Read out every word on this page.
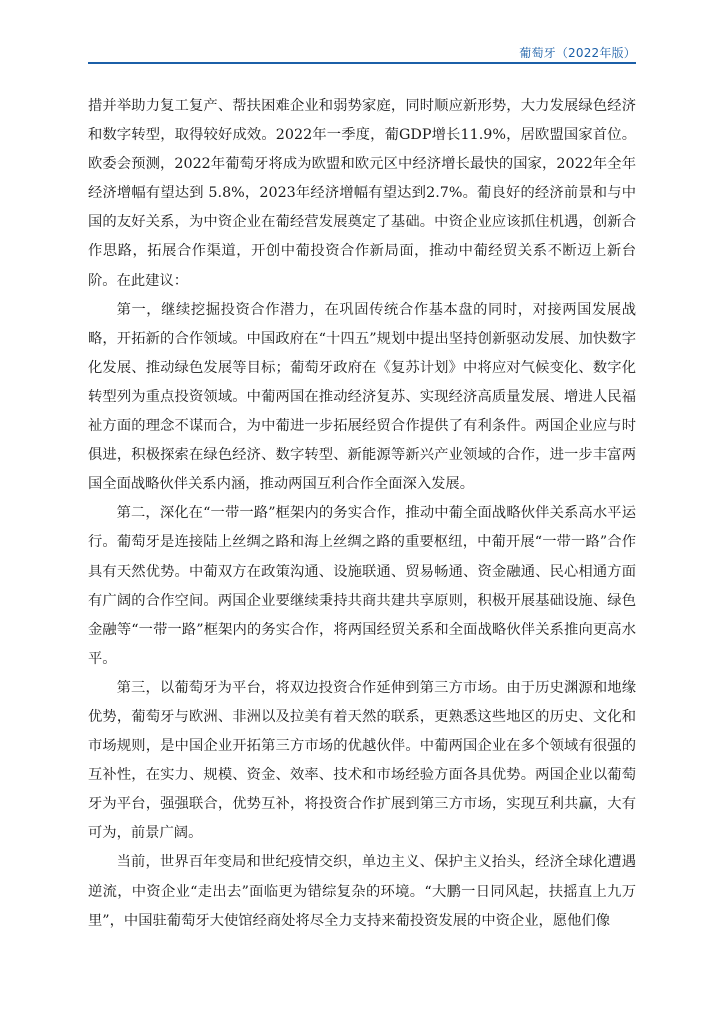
葡萄牙（2022年版）

措并举助力复工复产、帮扶困难企业和弱势家庭，同时顺应新形势，大力发展绿色经济和数字转型，取得较好成效。2022年一季度，葡GDP增长11.9%，居欧盟国家首位。欧委会预测，2022年葡萄牙将成为欧盟和欧元区中经济增长最快的国家，2022年全年经济增幅有望达到 5.8%，2023年经济增幅有望达到2.7%。葡良好的经济前景和与中国的友好关系，为中资企业在葡经营发展奠定了基础。中资企业应该抓住机遇，创新合作思路，拓展合作渠道，开创中葡投资合作新局面，推动中葡经贸关系不断迈上新台阶。在此建议：

第一，继续挖掘投资合作潜力，在巩固传统合作基本盘的同时，对接两国发展战略，开拓新的合作领域。中国政府在“十四五”规划中提出坚持创新驱动发展、加快数字化发展、推动绿色发展等目标；葡萄牙政府在《复苏计划》中将应对气候变化、数字化转型列为重点投资领域。中葡两国在推动经济复苏、实现经济高质量发展、增进人民福祉方面的理念不谋而合，为中葡进一步拓展经贸合作提供了有利条件。两国企业应与时俱进，积极探索在绿色经济、数字转型、新能源等新兴产业领域的合作，进一步丰富两国全面战略伙伴关系内涵，推动两国互利合作全面深入发展。

第二，深化在“一带一路”框架内的务实合作，推动中葡全面战略伙伴关系高水平运行。葡萄牙是连接陆上丝绸之路和海上丝绸之路的重要枢纽，中葡开展“一带一路”合作具有天然优势。中葡双方在政策沟通、设施联通、贸易畅通、资金融通、民心相通方面有广阔的合作空间。两国企业要继续秉持共商共建共享原则，积极开展基础设施、绿色金融等“一带一路”框架内的务实合作，将两国经贸关系和全面战略伙伴关系推向更高水平。

第三，以葡萄牙为平台，将双边投资合作延伸到第三方市场。由于历史渊源和地缘优势，葡萄牙与欧洲、非洲以及拉美有着天然的联系，更熟悉这些地区的历史、文化和市场规则，是中国企业开拓第三方市场的优越伙伴。中葡两国企业在多个领域有很强的互补性，在实力、规模、资金、效率、技术和市场经验方面各具优势。两国企业以葡萄牙为平台，强强联合，优势互补，将投资合作扩展到第三方市场，实现互利共赢，大有可为，前景广阔。

当前，世界百年变局和世纪疫情交织，单边主义、保护主义抬头，经济全球化遭遇逆流，中资企业“走出去”面临更为错综复杂的环境。“大鹏一日同风起，扶摇直上九万里”，中国驻葡萄牙大使馆经商处将尽全力支持来葡投资发展的中资企业，愿他们像
